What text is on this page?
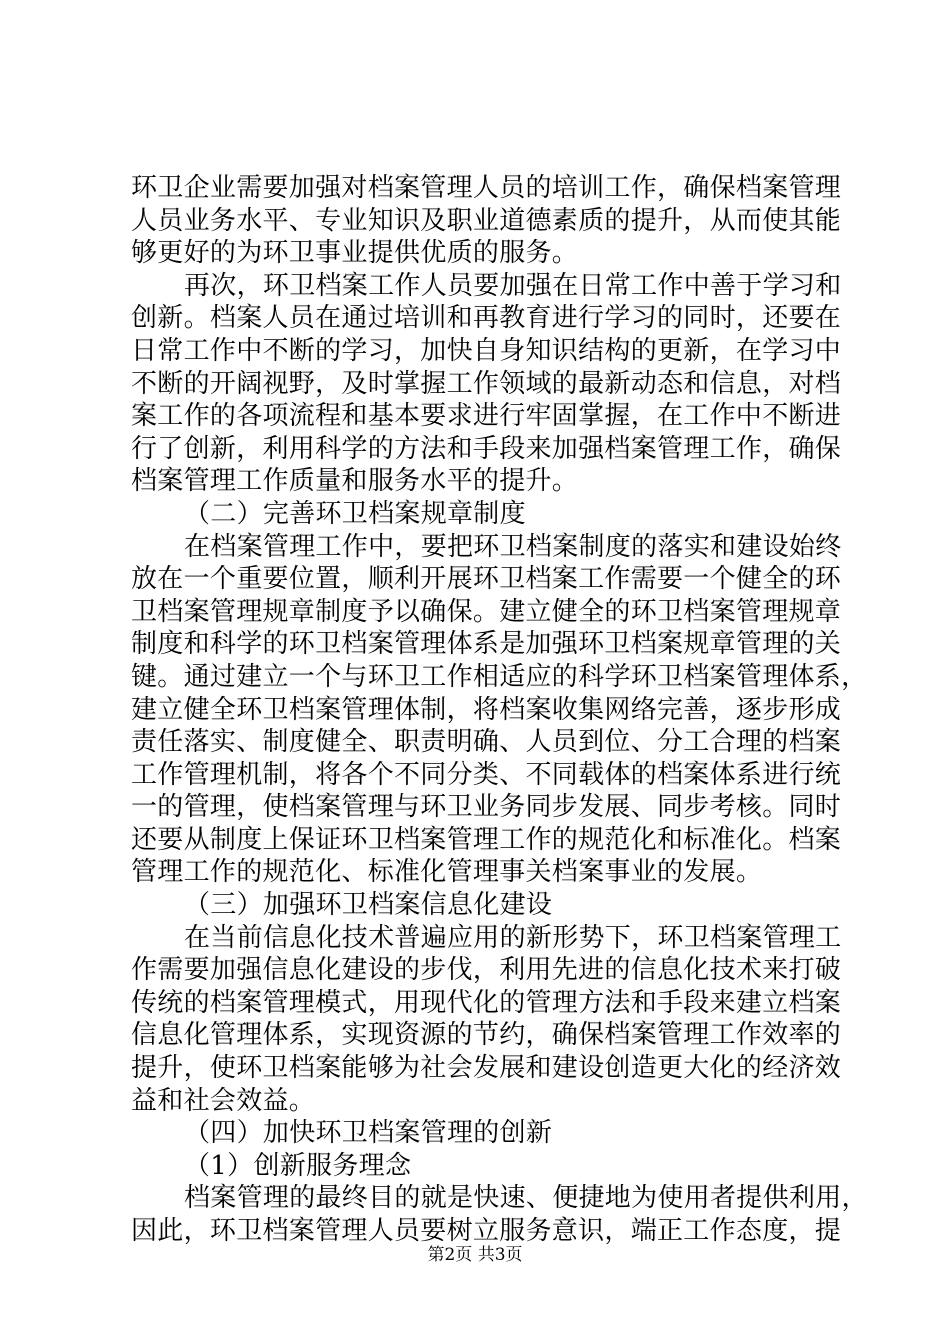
环卫企业需要加强对档案管理人员的培训工作，确保档案管理
人员业务水平、专业知识及职业道德素质的提升，从而使其能
够更好的为环卫事业提供优质的服务。
再次，环卫档案工作人员要加强在日常工作中善于学习和
创新。档案人员在通过培训和再教育进行学习的同时，还要在
日常工作中不断的学习，加快自身知识结构的更新，在学习中
不断的开阔视野，及时掌握工作领域的最新动态和信息，对档
案工作的各项流程和基本要求进行牢固掌握，在工作中不断进
行了创新，利用科学的方法和手段来加强档案管理工作，确保
档案管理工作质量和服务水平的提升。
（二）完善环卫档案规章制度
在档案管理工作中，要把环卫档案制度的落实和建设始终
放在一个重要位置，顺利开展环卫档案工作需要一个健全的环
卫档案管理规章制度予以确保。建立健全的环卫档案管理规章
制度和科学的环卫档案管理体系是加强环卫档案规章管理的关
键。通过建立一个与环卫工作相适应的科学环卫档案管理体系，
建立健全环卫档案管理体制，将档案收集网络完善，逐步形成
责任落实、制度健全、职责明确、人员到位、分工合理的档案
工作管理机制，将各个不同分类、不同载体的档案体系进行统
一的管理，使档案管理与环卫业务同步发展、同步考核。同时
还要从制度上保证环卫档案管理工作的规范化和标准化。档案
管理工作的规范化、标准化管理事关档案事业的发展。
（三）加强环卫档案信息化建设
在当前信息化技术普遍应用的新形势下，环卫档案管理工
作需要加强信息化建设的步伐，利用先进的信息化技术来打破
传统的档案管理模式，用现代化的管理方法和手段来建立档案
信息化管理体系，实现资源的节约，确保档案管理工作效率的
提升，使环卫档案能够为社会发展和建设创造更大化的经济效
益和社会效益。
（四）加快环卫档案管理的创新
（1）创新服务理念
档案管理的最终目的就是快速、便捷地为使用者提供利用，
因此，环卫档案管理人员要树立服务意识，端正工作态度，提
第2页 共3页
